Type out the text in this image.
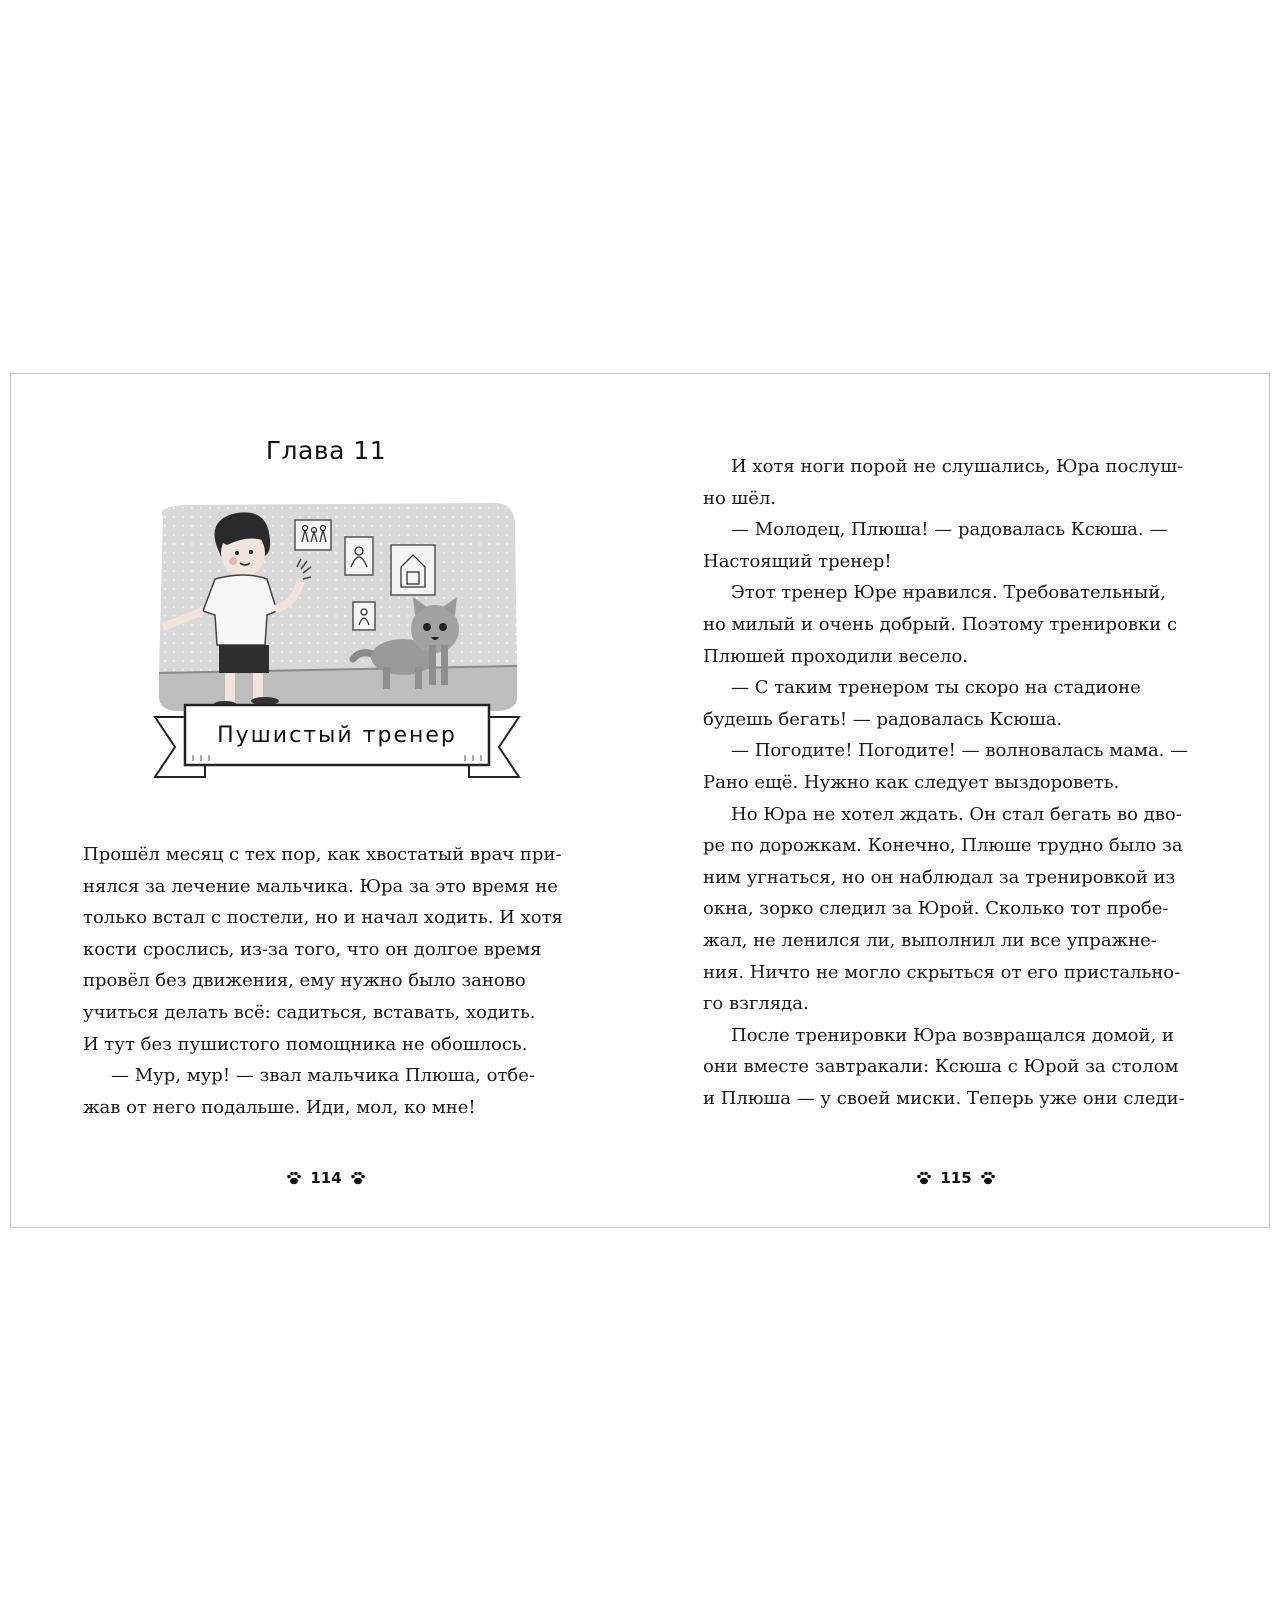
Глава 11
Пушистый тренер

Прошёл месяц с тех пор, как хвостатый врач при-

нялся за лечение мальчика. Юра за это время не

только встал с постели, но и начал ходить. И хотя

кости срослись, из-за того, что он долгое время

провёл без движения, ему нужно было заново

учиться делать всё: садиться, вставать, ходить.

И тут без пушистого помощника не обошлось.

— Мур, мур! — звал мальчика Плюша, отбе-

жав от него подальше. Иди, мол, ко мне!

114

И хотя ноги порой не слушались, Юра послуш-

но шёл.

— Молодец, Плюша! — радовалась Ксюша. —

Настоящий тренер!

Этот тренер Юре нравился. Требовательный,

но милый и очень добрый. Поэтому тренировки с

Плюшей проходили весело.

— С таким тренером ты скоро на стадионе

будешь бегать! — радовалась Ксюша.

— Погодите! Погодите! — волновалась мама. —

Рано ещё. Нужно как следует выздороветь.

Но Юра не хотел ждать. Он стал бегать во дво-

ре по дорожкам. Конечно, Плюше трудно было за

ним угнаться, но он наблюдал за тренировкой из

окна, зорко следил за Юрой. Сколько тот пробе-

жал, не ленился ли, выполнил ли все упражне-

ния. Ничто не могло скрыться от его пристально-

го взгляда.

После тренировки Юра возвращался домой, и

они вместе завтракали: Ксюша с Юрой за столом

и Плюша — у своей миски. Теперь уже они следи-

115
